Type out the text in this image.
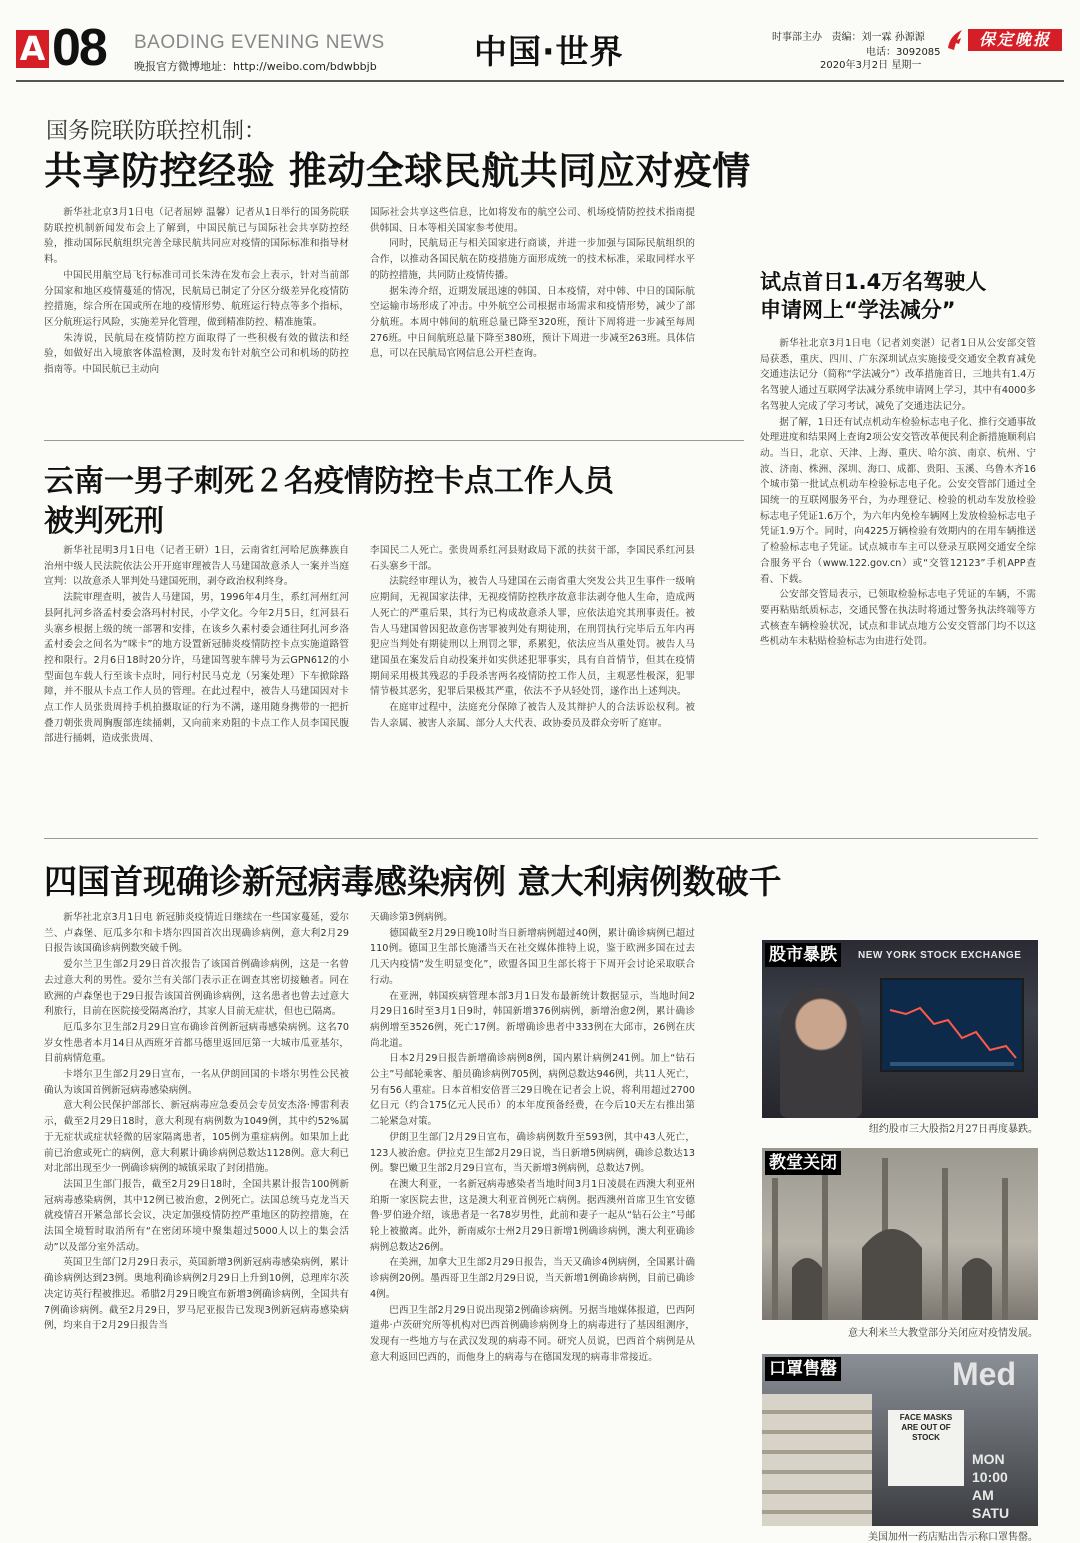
A 08 BAODING EVENING NEWS
晚报官方微博地址：http://weibo.com/bdwbbjb	中国·世界	时事部主办 责编：刘一霖 孙源源
电话：3092085
2020年3月2日 星期一
保定晚报
国务院联防联控机制：
共享防控经验 推动全球民航共同应对疫情

新华社北京3月1日电（记者屈婷 温馨）记者从1日举行的国务院联防联控机制新闻发布会上了解到，中国民航已与国际社会共享防控经验，推动国际民航组织完善全球民航共同应对疫情的国际标准和指导材料。

中国民用航空局飞行标准司司长朱涛在发布会上表示，针对当前部分国家和地区疫情蔓延的情况，民航局已制定了分区分级差异化疫情防控措施，综合所在国或所在地的疫情形势、航班运行特点等多个指标，区分航班运行风险，实施差异化管理，做到精准防控、精准施策。

朱涛说，民航局在疫情防控方面取得了一些积极有效的做法和经验，如做好出入境旅客体温检测，及时发布针对航空公司和机场的防控指南等。中国民航已主动向

国际社会共享这些信息，比如将发布的航空公司、机场疫情防控技术指南提供韩国、日本等相关国家参考使用。

同时，民航局正与相关国家进行商谈，并进一步加强与国际民航组织的合作，以推动各国民航在防疫措施方面形成统一的技术标准，采取同样水平的防控措施，共同防止疫情传播。

据朱涛介绍，近期发展迅速的韩国、日本疫情，对中韩、中日的国际航空运输市场形成了冲击。中外航空公司根据市场需求和疫情形势，减少了部分航班。本周中韩间的航班总量已降至320班，预计下周将进一步减至每周276班。中日间航班总量下降至380班，预计下周进一步减至263班。具体信息，可以在民航局官网信息公开栏查询。

云南一男子刺死２名疫情防控卡点工作人员
被判死刑

新华社昆明3月1日电（记者王研）1日，云南省红河哈尼族彝族自治州中级人民法院依法公开开庭审理被告人马建国故意杀人一案并当庭宣判：以故意杀人罪判处马建国死刑，剥夺政治权利终身。

法院审理查明，被告人马建国，男，1996年4月生，系红河州红河县阿扎河乡洛孟村委会洛玛村村民，小学文化。今年2月5日，红河县石头寨乡根据上级的统一部署和安排，在该乡久素村委会通往阿扎河乡洛孟村委会之间名为“咪卡”的地方设置新冠肺炎疫情防控卡点实施道路管控和限行。2月6日18时20分许，马建国驾驶车牌号为云GPN612的小型面包车载人行至该卡点时，同行村民马克龙（另案处理）下车掀除路障，并不服从卡点工作人员的管理。在此过程中，被告人马建国因对卡点工作人员张贵周持手机拍摄取证的行为不满，遂用随身携带的一把折叠刀朝张贵周胸腹部连续捅刺，又向前来劝阻的卡点工作人员李国民腹部进行捅刺，造成张贵周、

李国民二人死亡。张贵周系红河县财政局下派的扶贫干部，李国民系红河县石头寨乡干部。

法院经审理认为，被告人马建国在云南省重大突发公共卫生事件一级响应期间，无视国家法律，无视疫情防控秩序故意非法剥夺他人生命，造成两人死亡的严重后果，其行为已构成故意杀人罪，应依法追究其刑事责任。被告人马建国曾因犯故意伤害罪被判处有期徒刑，在刑罚执行完毕后五年内再犯应当判处有期徒刑以上刑罚之罪，系累犯，依法应当从重处罚。被告人马建国虽在案发后自动投案并如实供述犯罪事实，具有自首情节，但其在疫情期间采用极其残忍的手段杀害两名疫情防控工作人员，主观恶性极深，犯罪情节极其恶劣，犯罪后果极其严重，依法不予从轻处罚，遂作出上述判决。

在庭审过程中，法庭充分保障了被告人及其辩护人的合法诉讼权利。被告人亲属、被害人亲属、部分人大代表、政协委员及群众旁听了庭审。

试点首日1.4万名驾驶人
申请网上“学法减分”

新华社北京3月1日电（记者刘奕湛）记者1日从公安部交管局获悉，重庆、四川、广东深圳试点实施接受交通安全教育减免交通违法记分（简称“学法减分”）改革措施首日，三地共有1.4万名驾驶人通过互联网学法减分系统申请网上学习，其中有4000多名驾驶人完成了学习考试，减免了交通违法记分。

据了解，1日还有试点机动车检验标志电子化、推行交通事故处理进度和结果网上查询2项公安交管改革便民利企新措施顺利启动。当日，北京、天津、上海、重庆、哈尔滨、南京、杭州、宁波、济南、株洲、深圳、海口、成都、贵阳、玉溪、乌鲁木齐16个城市第一批试点机动车检验标志电子化。公安交管部门通过全国统一的互联网服务平台，为办理登记、检验的机动车发放检验标志电子凭证1.6万个，为六年内免检车辆网上发放检验标志电子凭证1.9万个。同时，向4225万辆检验有效期内的在用车辆推送了检验标志电子凭证。试点城市车主可以登录互联网交通安全综合服务平台（www.122.gov.cn）或“交管12123”手机APP查看、下载。

公安部交管局表示，已领取检验标志电子凭证的车辆，不需要再粘贴纸质标志，交通民警在执法时将通过警务执法终端等方式核查车辆检验状况，试点和非试点地方公安交管部门均不以这些机动车未粘贴检验标志为由进行处罚。

四国首现确诊新冠病毒感染病例 意大利病例数破千

新华社北京3月1日电 新冠肺炎疫情近日继续在一些国家蔓延，爱尔兰、卢森堡、厄瓜多尔和卡塔尔四国首次出现确诊病例，意大利2月29日报告该国确诊病例数突破千例。

爱尔兰卫生部2月29日首次报告了该国首例确诊病例，这是一名曾去过意大利的男性。爱尔兰有关部门表示正在调查其密切接触者。同在欧洲的卢森堡也于29日报告该国首例确诊病例，这名患者也曾去过意大利旅行，目前在医院接受隔离治疗，其家人目前无症状，但也已隔离。

厄瓜多尔卫生部2月29日宣布确诊首例新冠病毒感染病例。这名70岁女性患者本月14日从西班牙首都马德里返回厄第一大城市瓜亚基尔，目前病情危重。

卡塔尔卫生部2月29日宣布，一名从伊朗回国的卡塔尔男性公民被确认为该国首例新冠病毒感染病例。

意大利公民保护部部长、新冠病毒应急委员会专员安杰洛·博雷利表示，截至2月29日18时，意大利现有病例数为1049例，其中约52%属于无症状或症状轻微的居家隔离患者，105例为重症病例。如果加上此前已治愈或死亡的病例，意大利累计确诊病例总数达1128例。意大利已对北部出现至少一例确诊病例的城镇采取了封闭措施。

法国卫生部门报告，截至2月29日18时，全国共累计报告100例新冠病毒感染病例，其中12例已被治愈，2例死亡。法国总统马克龙当天就疫情召开紧急部长会议，决定加强疫情防控严重地区的防控措施，在法国全境暂时取消所有“在密闭环境中聚集超过5000人以上的集会活动”以及部分室外活动。

英国卫生部门2月29日表示，英国新增3例新冠病毒感染病例，累计确诊病例达到23例。奥地利确诊病例2月29日上升到10例，总理库尔茨决定访英行程被推迟。希腊2月29日晚宣布新增3例确诊病例，全国共有7例确诊病例。截至2月29日，罗马尼亚报告已发现3例新冠病毒感染病例，均来自于2月29日报告当

天确诊第3例病例。

德国截至2月29日晚10时当日新增病例超过40例，累计确诊病例已超过110例。德国卫生部长施潘当天在社交媒体推特上说，鉴于欧洲多国在过去几天内疫情“发生明显变化”，欧盟各国卫生部长将于下周开会讨论采取联合行动。

在亚洲，韩国疾病管理本部3月1日发布最新统计数据显示，当地时间2月29日16时至3月1日9时，韩国新增376例病例，新增治愈2例，累计确诊病例增至3526例，死亡17例。新增确诊患者中333例在大邱市，26例在庆尚北道。

日本2月29日报告新增确诊病例8例，国内累计病例241例。加上“钻石公主”号邮轮乘客、船员确诊病例705例，病例总数达946例，共11人死亡，另有56人重症。日本首相安倍晋三29日晚在记者会上说，将利用超过2700亿日元（约合175亿元人民币）的本年度预备经费，在今后10天左右推出第二轮紧急对策。

伊朗卫生部门2月29日宣布，确诊病例数升至593例，其中43人死亡，123人被治愈。伊拉克卫生部2月29日说，当日新增5例病例，确诊总数达13例。黎巴嫩卫生部2月29日宣布，当天新增3例病例，总数达7例。

在澳大利亚，一名新冠病毒感染者当地时间3月1日凌晨在西澳大利亚州珀斯一家医院去世，这是澳大利亚首例死亡病例。据西澳州首席卫生官安德鲁·罗伯逊介绍，该患者是一名78岁男性，此前和妻子一起从“钻石公主”号邮轮上被撤离。此外，新南威尔士州2月29日新增1例确诊病例，澳大利亚确诊病例总数达26例。

在美洲，加拿大卫生部2月29日报告，当天又确诊4例病例，全国累计确诊病例20例。墨西哥卫生部2月29日说，当天新增1例确诊病例，目前已确诊4例。

巴西卫生部2月29日说出现第2例确诊病例。另据当地媒体报道，巴西阿道弗·卢茨研究所等机构对巴西首例确诊病例身上的病毒进行了基因组测序，发现有一些地方与在武汉发现的病毒不同。研究人员说，巴西首个病例是从意大利返回巴西的，而他身上的病毒与在德国发现的病毒非常接近。

NEW YORK STOCK EXCHANGE
股市暴跌
纽约股市三大股指2月27日再度暴跌。
教堂关闭
意大利米兰大教堂部分关闭应对疫情发展。
Med
FACE MASKS ARE OUT OF STOCK
MON 10:00 AM SATU
口罩售罄
美国加州一药店贴出告示称口罩售罄。
